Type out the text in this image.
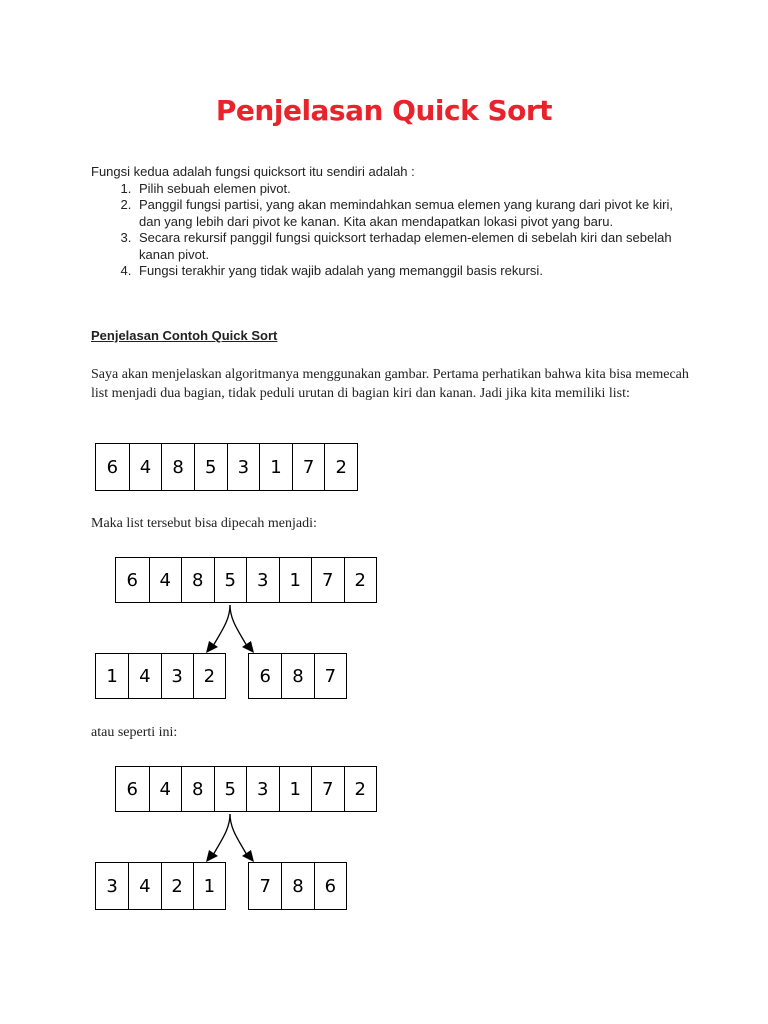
Penjelasan Quick Sort
Fungsi kedua adalah fungsi quicksort itu sendiri adalah :
1. Pilih sebuah elemen pivot.
2. Panggil fungsi partisi, yang akan memindahkan semua elemen yang kurang dari pivot ke kiri, dan yang lebih dari pivot ke kanan. Kita akan mendapatkan lokasi pivot yang baru.
3. Secara rekursif panggil fungsi quicksort terhadap elemen-elemen di sebelah kiri dan sebelah kanan pivot.
4. Fungsi terakhir yang tidak wajib adalah yang memanggil basis rekursi.
Penjelasan Contoh Quick Sort
Saya akan menjelaskan algoritmanya menggunakan gambar. Pertama perhatikan bahwa kita bisa memecah list menjadi dua bagian, tidak peduli urutan di bagian kiri dan kanan. Jadi jika kita memiliki list:
6	4	8	5	3	1	7	2
Maka list tersebut bisa dipecah menjadi:
6	4	8	5	3	1	7	2
1	4	3	2	6	8	7
atau seperti ini:
6	4	8	5	3	1	7	2
3	4	2	1	7	8	6
